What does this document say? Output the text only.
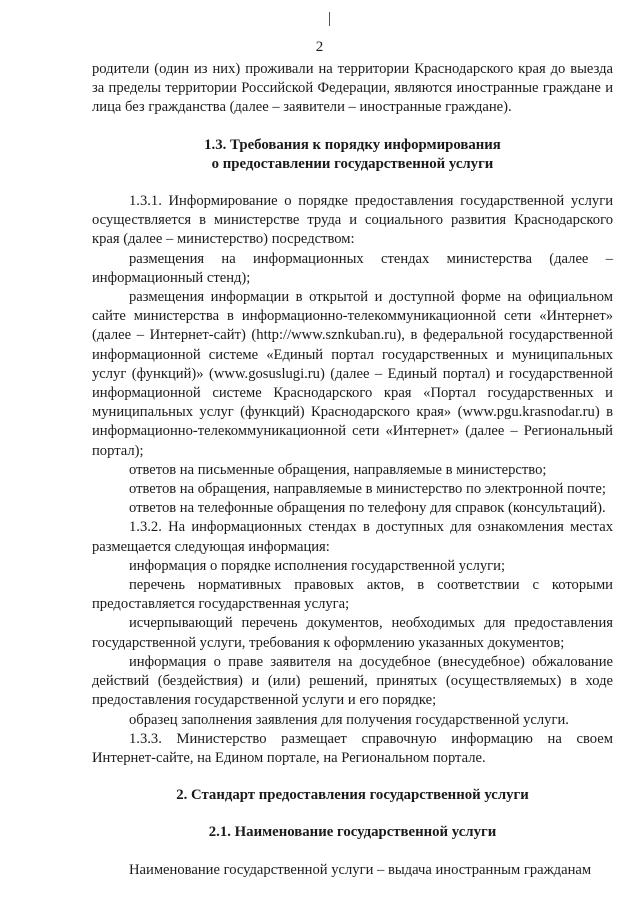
2

родители (один из них) проживали на территории Краснодарского края до выезда за пределы территории Российской Федерации, являются иностранные граждане и лица без гражданства (далее – заявители – иностранные граждане).

1.3. Требования к порядку информирования
о предоставлении государственной услуги

1.3.1. Информирование о порядке предоставления государственной услуги осуществляется в министерстве труда и социального развития Краснодарского края (далее – министерство) посредством:

размещения на информационных стендах министерства (далее – информационный стенд);

размещения информации в открытой и доступной форме на официальном сайте министерства в информационно-телекоммуникационной сети «Интернет» (далее – Интернет-сайт) (http://www.sznkuban.ru), в федеральной государственной информационной системе «Единый портал государственных и муниципальных услуг (функций)» (www.gosuslugi.ru) (далее – Единый портал) и государственной информационной системе Краснодарского края «Портал государственных и муниципальных услуг (функций) Краснодарского края» (www.pgu.krasnodar.ru) в информационно-телекоммуникационной сети «Интернет» (далее – Региональный портал);

ответов на письменные обращения, направляемые в министерство;

ответов на обращения, направляемые в министерство по электронной почте;

ответов на телефонные обращения по телефону для справок (консультаций).

1.3.2. На информационных стендах в доступных для ознакомления местах размещается следующая информация:

информация о порядке исполнения государственной услуги;

перечень нормативных правовых актов, в соответствии с которыми предоставляется государственная услуга;

исчерпывающий перечень документов, необходимых для предоставления государственной услуги, требования к оформлению указанных документов;

информация о праве заявителя на досудебное (внесудебное) обжалование действий (бездействия) и (или) решений, принятых (осуществляемых) в ходе предоставления государственной услуги и его порядке;

образец заполнения заявления для получения государственной услуги.

1.3.3. Министерство размещает справочную информацию на своем Интернет-сайте, на Едином портале, на Региональном портале.

2. Стандарт предоставления государственной услуги
2.1. Наименование государственной услуги

Наименование государственной услуги – выдача иностранным гражданам
